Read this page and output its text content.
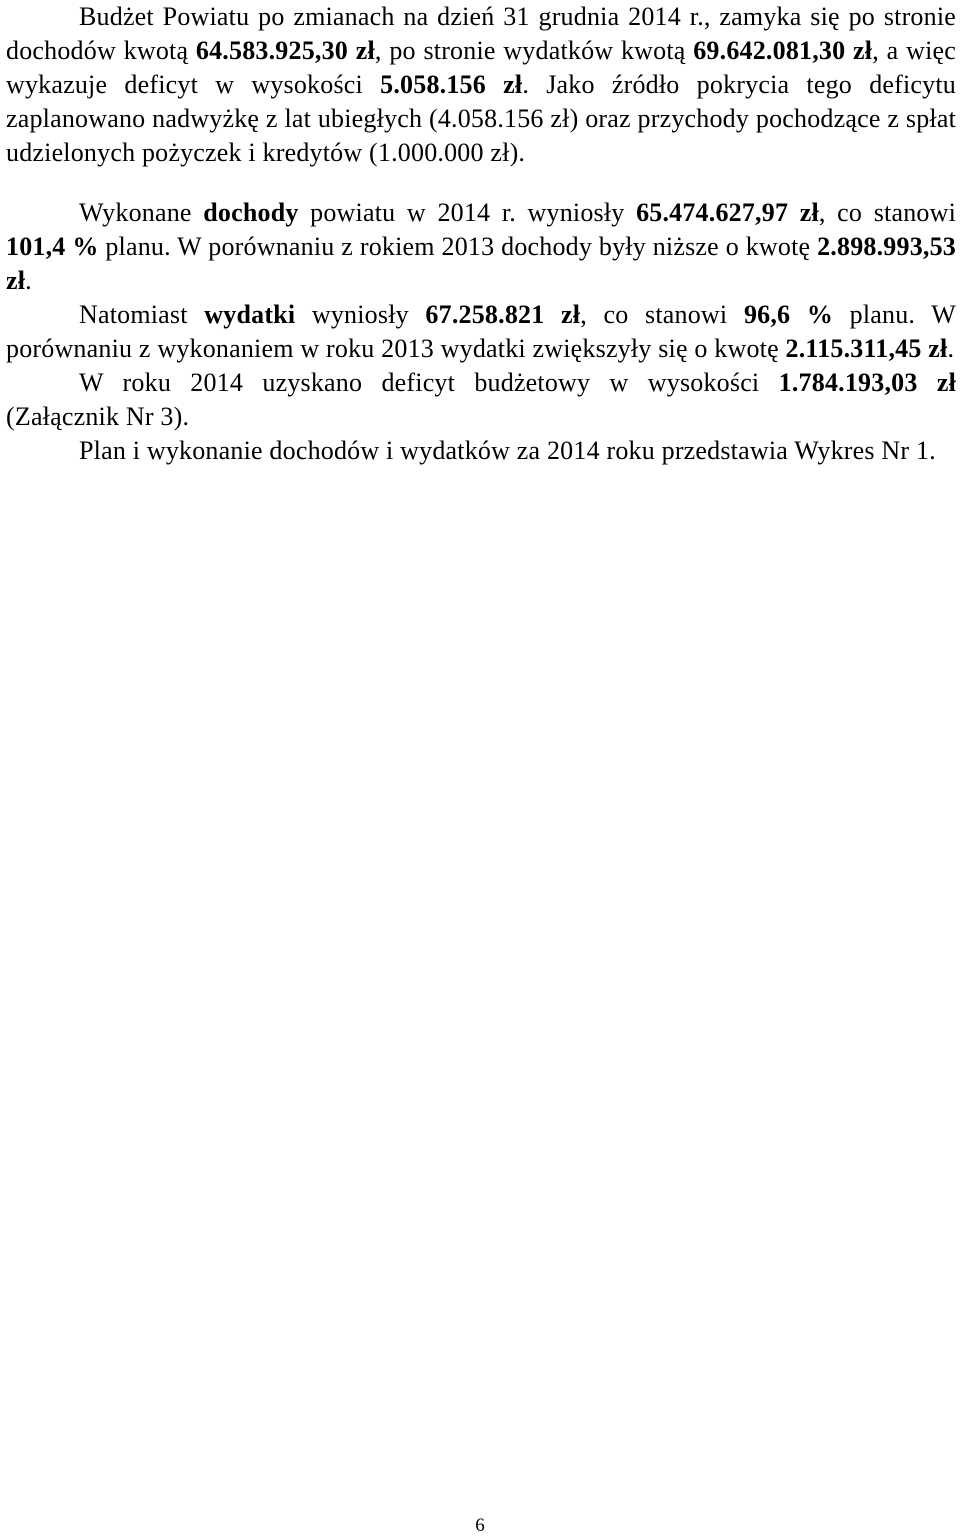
Budżet Powiatu po zmianach na dzień 31 grudnia 2014 r., zamyka się po stronie dochodów kwotą 64.583.925,30 zł, po stronie wydatków kwotą 69.642.081,30 zł, a więc wykazuje deficyt w wysokości 5.058.156 zł. Jako źródło pokrycia tego deficytu zaplanowano nadwyżkę z lat ubiegłych (4.058.156 zł) oraz przychody pochodzące z spłat udzielonych pożyczek i kredytów (1.000.000 zł).

Wykonane dochody powiatu w 2014 r. wyniosły 65.474.627,97 zł, co stanowi 101,4 % planu. W porównaniu z rokiem 2013 dochody były niższe o kwotę 2.898.993,53 zł.

Natomiast wydatki wyniosły 67.258.821 zł, co stanowi 96,6 % planu. W porównaniu z wykonaniem w roku 2013 wydatki zwiększyły się o kwotę 2.115.311,45 zł.

W roku 2014 uzyskano deficyt budżetowy w wysokości 1.784.193,03 zł (Załącznik Nr 3).

Plan i wykonanie dochodów i wydatków za 2014 roku przedstawia Wykres Nr 1.

6
